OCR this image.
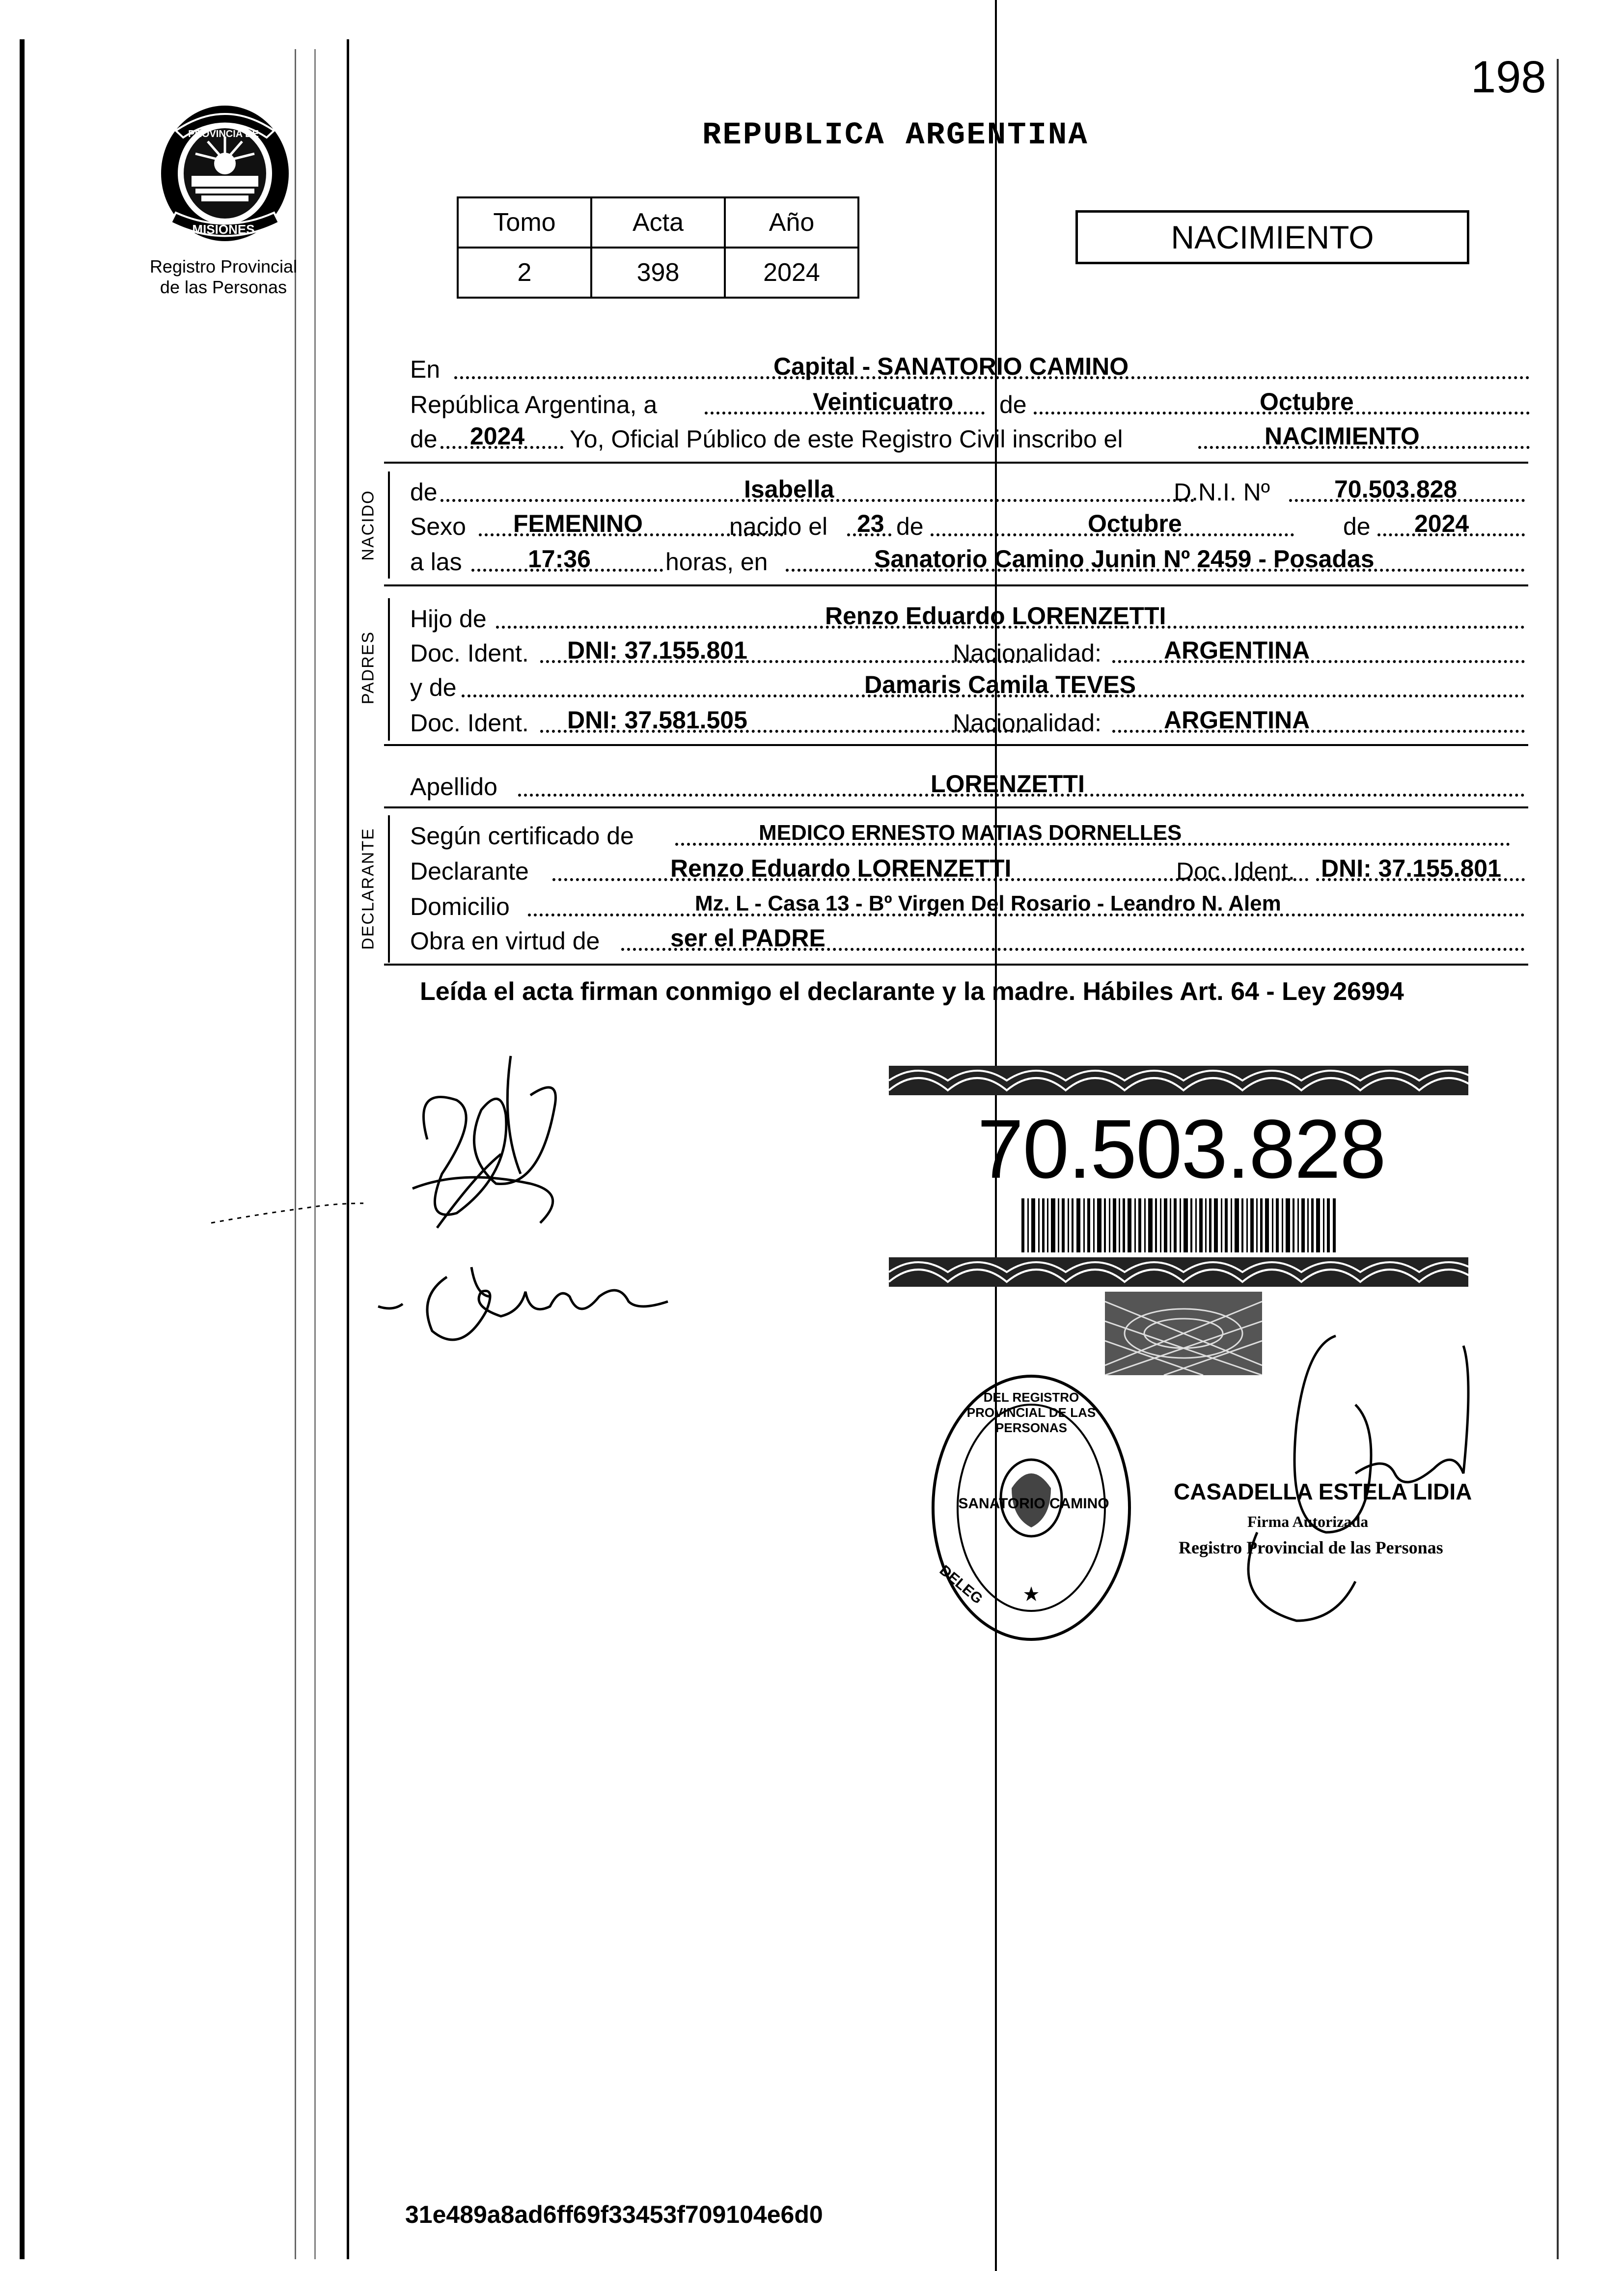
198
PROVINCIA DE
MISIONES
Registro Provincial
de las Personas
REPUBLICA ARGENTINA
Tomo	Acta	Año
2	398	2024
NACIMIENTO
En	Capital - SANATORIO CAMINO
República Argentina, a	Veinticuatro de	Octubre
de 2024 Yo, Oficial Público de este Registro Civil inscribo el	NACIMIENTO
NACIDO de	Isabella	D.N.I. Nº	70.503.828
Sexo FEMENINO	nacido el 23 de	Octubre	de 2024
a las	17:36	horas, en	Sanatorio Camino Junin Nº 2459 - Posadas
PADRES
Hijo de	Renzo Eduardo LORENZETTI
Doc. Ident. DNI: 37.155.801	Nacionalidad:	ARGENTINA
y de	Damaris Camila TEVES
Doc. Ident. DNI: 37.581.505	Nacionalidad:	ARGENTINA
Apellido	LORENZETTI
DECLARANTE Según certificado de	MEDICO ERNESTO MATIAS DORNELLES
Declarante	Renzo Eduardo LORENZETTI	Doc. Ident. DNI: 37.155.801
Domicilio	Mz. L - Casa 13 - Bº Virgen Del Rosario - Leandro N. Alem
Obra en virtud de	ser el PADRE
Leída el acta firman conmigo el declarante y la madre. Hábiles Art. 64 - Ley 26994
70.503.828
SANATORIO CAMINO
DEL REGISTRO PROVINCIAL DE LAS PERSONAS
DELEG
CASADELLA ESTELA LIDIA
Firma Autorizada
Registro Provincial de las Personas
31e489a8ad6ff69f33453f709104e6d0
